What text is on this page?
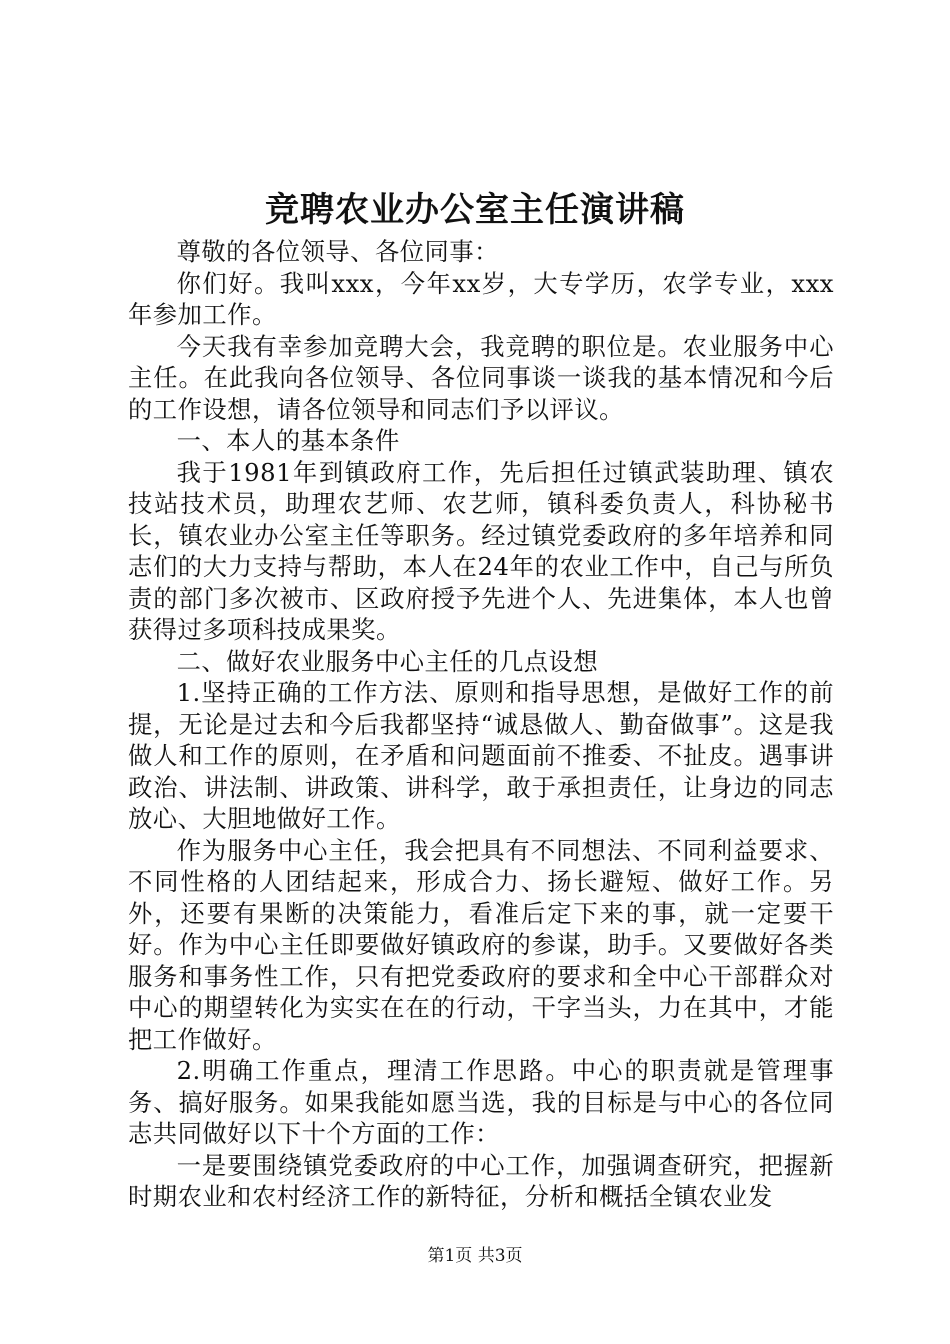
竞聘农业办公室主任演讲稿

尊敬的各位领导、各位同事：

你们好。我叫xxx，今年xx岁，大专学历，农学专业，xxx年参加工作。

今天我有幸参加竞聘大会，我竞聘的职位是。农业服务中心主任。在此我向各位领导、各位同事谈一谈我的基本情况和今后的工作设想，请各位领导和同志们予以评议。

一、本人的基本条件

我于1981年到镇政府工作，先后担任过镇武装助理、镇农技站技术员，助理农艺师、农艺师，镇科委负责人，科协秘书长，镇农业办公室主任等职务。经过镇党委政府的多年培养和同志们的大力支持与帮助，本人在24年的农业工作中，自己与所负责的部门多次被市、区政府授予先进个人、先进集体，本人也曾获得过多项科技成果奖。

二、做好农业服务中心主任的几点设想

1.坚持正确的工作方法、原则和指导思想，是做好工作的前提，无论是过去和今后我都坚持“诚恳做人、勤奋做事”。这是我做人和工作的原则，在矛盾和问题面前不推委、不扯皮。遇事讲政治、讲法制、讲政策、讲科学，敢于承担责任，让身边的同志放心、大胆地做好工作。

作为服务中心主任，我会把具有不同想法、不同利益要求、不同性格的人团结起来，形成合力、扬长避短、做好工作。另外，还要有果断的决策能力，看准后定下来的事，就一定要干好。作为中心主任即要做好镇政府的参谋，助手。又要做好各类服务和事务性工作，只有把党委政府的要求和全中心干部群众对中心的期望转化为实实在在的行动，干字当头，力在其中，才能把工作做好。

2.明确工作重点，理清工作思路。中心的职责就是管理事务、搞好服务。如果我能如愿当选，我的目标是与中心的各位同志共同做好以下十个方面的工作：

一是要围绕镇党委政府的中心工作，加强调查研究，把握新时期农业和农村经济工作的新特征，分析和概括全镇农业发

第1页 共3页
